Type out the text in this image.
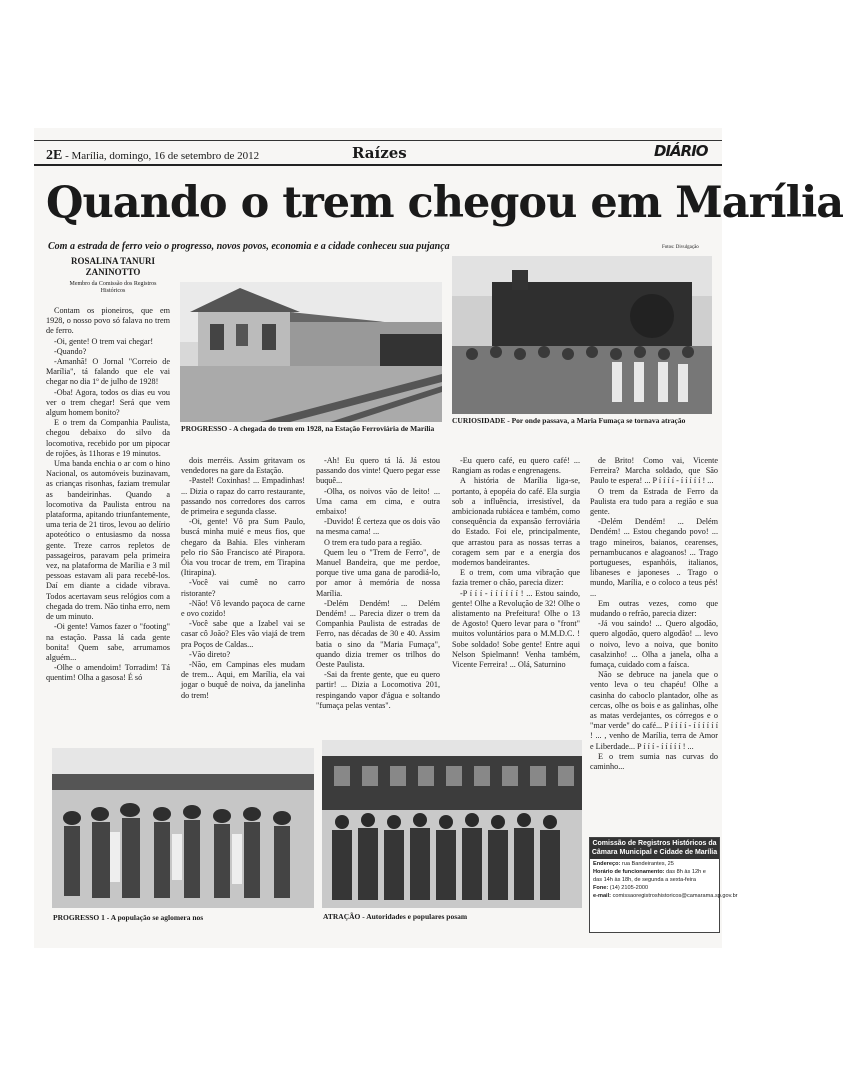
2E - Marília, domingo, 16 de setembro de 2012	Raízes	DIÁRIO
Quando o trem chegou em Marília
Com a estrada de ferro veio o progresso, novos povos, economia e a cidade conheceu sua pujança	Fotos: Divulgação
ROSALINA TANURI ZANINOTTO
Membro da Comissão dos Registros Históricos
PROGRESSO - A chegada do trem em 1928, na Estação Ferroviária de Marília
CURIOSIDADE - Por onde passava, a Maria Fumaça se tornava atração

Contam os pioneiros, que em 1928, o nosso povo só falava no trem de ferro.

-Oi, gente! O trem vai chegar!

-Quando?

-Amanhã! O Jornal "Correio de Marília", tá falando que ele vai chegar no dia 1º de julho de 1928!

-Oba! Agora, todos os dias eu vou ver o trem chegar! Será que vem algum homem bonito?

E o trem da Companhia Paulista, chegou debaixo do silvo da locomotiva, recebido por um pipocar de rojões, às 11horas e 19 minutos.

Uma banda enchia o ar com o hino Nacional, os automóveis buzinavam, as crianças risonhas, faziam tremular as bandeirinhas. Quando a locomotiva da Paulista entrou na plataforma, apitando triunfantemente, uma teria de 21 tiros, levou ao delírio apoteótico o entusiasmo da nossa gente. Treze carros repletos de passageiros, paravam pela primeira vez, na plataforma de Marília e 3 mil pessoas estavam ali para recebê-los. Daí em diante a cidade vibrava. Todos acertavam seus relógios com a chegada do trem. Não tinha erro, nem de um minuto.

-Oi gente! Vamos fazer o "footing" na estação. Passa lá cada gente bonita! Quem sabe, arrumamos alguém...

-Olhe o amendoim! Torradim! Tá quentim! Olha a gasosa! É só

dois merréis. Assim gritavam os vendedores na gare da Estação.

-Pastel! Coxinhas! ... Empadinhas! ... Dizia o rapaz do carro restaurante, passando nos corredores dos carros de primeira e segunda classe.

-Oi, gente! Vô pra Sum Paulo, buscá minha muié e meus fios, que chegaro da Bahia. Eles vinheram pelo rio São Francisco até Pirapora. Óia vou trocar de trem, em Tirapina (Itirapina).

-Você vai cumê no carro ristorante?

-Não! Vô levando paçoca de carne e ovo cozido!

-Você sabe que a Izabel vai se casar cô João? Eles vão viajá de trem pra Poços de Caldas...

-Vão direto?

-Não, em Campinas eles mudam de trem... Aqui, em Marília, ela vai jogar o buquê de noiva, da janelinha do trem!

-Ah! Eu quero tá lá. Já estou passando dos vinte! Quero pegar esse buquê...

-Olha, os noivos vão de leito! ... Uma cama em cima, e outra embaixo!

-Duvido! É certeza que os dois vão na mesma cama! ...

O trem era tudo para a região.

Quem leu o "Trem de Ferro", de Manuel Bandeira, que me perdoe, porque tive uma gana de parodiá-lo, por amor à memória de nossa Marília.

-Delém Dendém! ... Delém Dendém! ... Parecia dizer o trem da Companhia Paulista de estradas de Ferro, nas décadas de 30 e 40. Assim batia o sino da "Maria Fumaça", quando dizia tremer os trilhos do Oeste Paulista.

-Sai da frente gente, que eu quero partir! ... Dizia a Locomotiva 201, respingando vapor d'água e soltando "fumaça pelas ventas".

-Eu quero café, eu quero café! ... Rangiam as rodas e engrenagens.

A história de Marília liga-se, portanto, à epopéia do café. Ela surgia sob a influência, irresistível, da ambicionada rubiácea e também, como consequência da expansão ferroviária do Estado. Foi ele, principalmente, que arrastou para as nossas terras a coragem sem par e a energia dos modernos bandeirantes.

E o trem, com uma vibração que fazia tremer o chão, parecia dizer:

-P í í í - í í í í í í ! ... Estou saindo, gente! Olhe a Revolução de 32! Olhe o alistamento na Prefeitura! Olhe o 13 de Agosto! Quero levar para o "front" muitos voluntários para o M.M.D.C. ! Sobe soldado! Sobe gente! Entre aqui Nelson Spielmann! Venha também, Vicente Ferreira! ... Olá, Saturnino

de Brito! Como vai, Vicente Ferreira? Marcha soldado, que São Paulo te espera! ... P í í í í - í í í í í ! ...

O trem da Estrada de Ferro da Paulista era tudo para a região e sua gente.

-Delém Dendém! ... Delém Dendém! ... Estou chegando povo! ... trago mineiros, baianos, cearenses, pernambucanos e alagoanos! ... Trago portugueses, espanhóis, italianos, libaneses e japoneses .. Trago o mundo, Marília, e o coloco a teus pés! ...

Em outras vezes, como que mudando o refrão, parecia dizer:

-Já vou saindo! ... Quero algodão, quero algodão, quero algodão! ... levo o noivo, levo a noiva, que bonito casalzinho! ... Olha a janela, olha a fumaça, cuidado com a faísca.

Não se debruce na janela que o vento leva o teu chapéu! Olhe a casinha do caboclo plantador, olhe as cercas, olhe os bois e as galinhas, olhe as matas verdejantes, os córregos e o "mar verde" do café... P í í í í - í í í í í í ! ... , venho de Marília, terra de Amor e Liberdade... P í í í - í í í í í ! ...

E o trem sumia nas curvas do caminho...

PROGRESSO 1 - A população se aglomera nos	ATRAÇÃO - Autoridades e populares posam
Comissão de Registros Históricos da Câmara Municipal e Cidade de Marília
Endereço: rua Bandeirantes, 25
Horário de funcionamento: das 8h às 12h e das 14h às 18h, de segunda a sexta-feira
Fone: (14) 2105-2000
e-mail: comissaoregistroshistoricos@camarama.sp.gov.br
